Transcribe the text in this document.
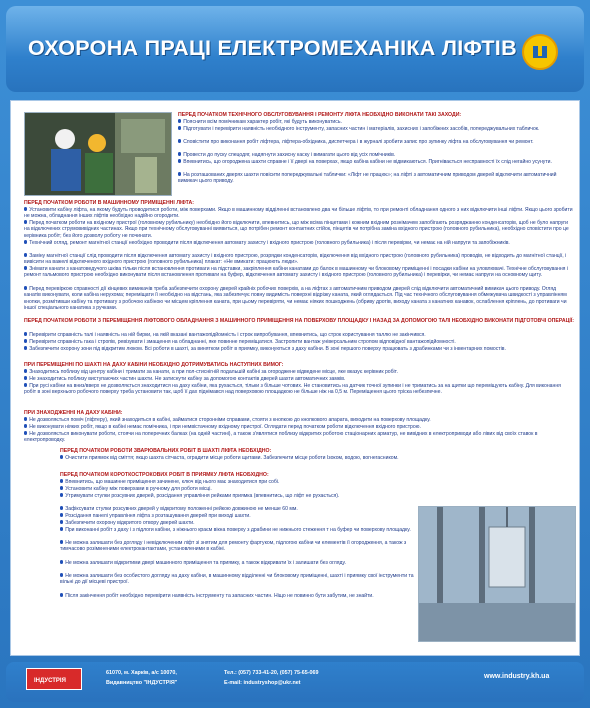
ОХОРОНА ПРАЦІ ЕЛЕКТРОМЕХАНІКА ЛІФТІВ
ПЕРЕД ПОЧАТКОМ ТЕХНІЧНОГО ОБСЛУГОВУВАННЯ І РЕМОНТУ ЛІФТА НЕОБХІДНО ВИКОНАТИ ТАКІ ЗАХОДИ:
Пояснити всім помічникам характер робіт, які будуть виконуватись.
Підготувати і перевірити наявність необхідного інструменту, запасних частин і матеріалів, захисних і запобіжних засобів, попереджувальних табличок.
Сповістити про виконання робіт ліфтера, ліфтера-обхідника, диспетчера і в журналі зробити запис про зупинку ліфта на обслуговування чи ремонт.
Провести до пуску спецодяг, надягнути захисну каску і вимагати цього від усіх помічників.
Впевнитись, що огороджена шахти справне і її двері на поверхах, якщо кабіна кабіни не відмикаються. Пригнівається несправності їх слід негайно усунути.
На розташованих дверях шахти повісити попереджувальні таблички: «Ліфт не працює»; на ліфті з автоматичним приводом дверей відключити автоматичний вимикач цього приводу.
ПЕРЕД ПОЧАТКОМ РОБОТИ В МАШИННОМУ ПРИМІЩЕННІ ЛІФТА:
Установити кабіну ліфта, на якому будуть проводитися роботи, між поверхами. Якщо в машинному відділенні встановлено два чи більше ліфтів, то при ремонті обладнання одного з них відключити інші ліфти. Якщо цього зробити не можна, обладнання інших ліфтів необхідно надійно огородити.
Перед початком роботи на вхідному пристрої (головному рубильнику) необхідно його відключити, впевнитись, що між всіма пінцетами і кожним вхідним рознімачем запобігають розряджанню конденсаторів, щоб не було напруги на відключених струмовивідних частинах. Якщо при технічному обслуговуванні виявиться, що потрібен ремонт контактних стійок, пінцетів чи потрібна заміна вхідного пристрою (головного рубильника), необхідно сповістити про це керівника робіт; без його дозволу роботу не починати.
Технічний огляд, ремонт магнітної станції необхідно проводити після відключення автомату захисту і вхідного пристрою (головного рубильника) і після перевірки, чи немає на ній напруги та запобіжників.
Заміну магнітної станції слід проводити після відключення автомату захисту і вхідного пристрою, розрядки конденсаторів, відключення від вхідного пристрою (головного рубильника) проводів, не відходить до магнітної станції, і вивісити на важелі відключеного вхідного пристрою (головного рубильника) плакат: «Не вмикати: працюють люди».
Знімати канати з канатоведучого шківа тільки після встановлення противаги на підставки, закріплення кабіни канатами до балок в машинному чи блоковому приміщенні і посадки кабіни на уловлювачі. Технічне обслуговування і ремонт гальмового пристрою необхідно виконувати після встановлення противаги на буфер, відключення автомату захисту і вхідного пристрою (головного рубильника) і перевірки, чи немає напруги на основному щиту.
Перед перевіркою справності дії кінцевих вимикачів треба забезпечити охорону дверей крайніх робочих поверхів, а на ліфтах з автоматичним приводом дверей слід відключити автоматичний вимикач цього приводу. Огляд канатів виконувати, коли кабіна нерухома; переміщати її необхідно на відстань, яка забезпечує повну видимість поверхні відрізку каната, який оглядається. Під час технічного обслуговування обмежувача швидкості з управлінням кнопки, розмітивши кабіну та противагу з робочою кабіною чи місцем кріплення каната, при цьому перевіряти, чи немає ніяких пошкоджень (обриву дротів, виходу каната з канатних канавок, ослаблення кріплень, до противаги чи іншої спеціального канатика з ручками.
ПЕРЕД ПОЧАТКОМ РОБОТИ З ПЕРЕМІЩЕННЯ ЛІФТОВОГО ОБЛАДНАННЯ З МАШИННОГО ПРИМІЩЕННЯ НА ПОВЕРХОВУ ПЛОЩАДКУ І НАЗАД ЗА ДОПОМОГОЮ ТАЛІ НЕОБХІДНО ВИКОНАТИ ПІДГОТОВЧІ ОПЕРАЦІЇ:
Перевірити справність талі і наявність на ній бирки, на якій вказані вантажопідйомність і строк випробування, впевнитись, що строк користування таллю не закінчився.
Перевірити справність гака і стропів, ревізувати і змащення на обладнанні, яке повинне переміщатися. Застропити вантаж універсальним стропом відповідної вантажопідйомності.
Забезпечити охорону зони під відкритим люком. Всі роботи в шахті, за винятком робіт в приямку, виконуються з даху кабіни. В зоні першого поверху працювать з драбинками чи з інвентарних помостів.
ПРИ ПЕРЕМІЩЕННІ ПО ШАХТІ НА ДАХУ КАБІНИ НЕОБХІДНО ДОТРИМУВАТИСЬ НАСТУПНИХ ВИМОГ:
Знаходитись поблизу від центру кабіни і тримати за канати, а при пол-стиснігній подальшій кабіні за огороджене відведене місце, яке вказує керівник робіт.
Не знаходитись поблизу виступаючих частин шахти. Не затиснути кабіну за допомогою контактів дверей шахти автоматичних замків.
При русі кабіни на вниз/вверх не дозволяється знаходитися на даху кабіни, яка рухається, тільки з більше чотових. Не становитись на датчик точної зупинки і не триматись за на щитки що переміщують кабіну. Для виконання робіт в зоні верхнього робочого поверху треба установити так, щоб її дах піднімався над поверховою площадкою не більше ніж на 0,5 м. Переміщення цього тріска небезпечне.
ПРИ ЗНАХОДЖЕННІ НА ДАХУ КАБІНИ:
Не дозволяється поміч (ліфтеру), який знаходиться в кабіні, займатися сторонніми справами, стояти з кнопкою до кнопкового апарата, виходити на поверхову площадку.
Не виконувати ніяких робіт, якщо в кабіні немає помічника, і при немвістачному вхідному пристрої. Оглядати перед початком роботи відключення вхідного пристрою.
Не дозволяється виконувати роботи, стоячи на поперечних балках (на одній частині), а також з'являтися поблизу відкритих роботою стаціонарних арматур, не вивідних в електроприводи або лівих від своїх ставок в електропроводку.
ПЕРЕД ПОЧАТКОМ РОБОТИ ЗВАРЮВАЛЬНИХ РОБІТ В ШАХТІ ЛІФТА НЕОБХІДНО:
Очистити приямок від сміття; якщо шахта сітчаста, оградити місце роботи щитами. Забезпечити місце роботи Ізоком, водою, вогнегасником.
ПЕРЕД ПОЧАТКОМ КОРОТКОСТРОКОВИХ РОБІТ В ПРИЯМКУ ЛІФТА НЕОБХІДНО:
Впевнитись, що машинне приміщення зачинене, ключ від нього має знаходитися при собі.
Установити кабіну між поверхами в ручному для роботи місці.
Утримувати стулки розсувних дверей, розсідання управління рейками приямка (впевнитись, що ліфт не рухається).
Зафіксувати стулки розсувних дверей у відкритому положенні рейкою довжиною не менше 60 мм.
Розсідання панелі управління ліфта з розташування дверей при виході шахти.
Забезпечити охорону відкритого отвору дверей шахти.
При виконанні робіт з даху і з підлоги кабіни, з ніжнього краєм вікна поверху з драбини не нижнього стеження т на буфер чи поверхову площадку.
Не можна залишати без догляду і невідключеним ліфт зі знятим для ремонту фартуком, підлогою кабіни чи елементів її огородження, а також з тимчасово розімкненими електрокантактами, установленими в кабіні.
Не можна залишати відкритими двері машинного приміщення та приямку, а також відкривати їх і залишати без огляду.
Не можна залишати без особистого догляду на даху кабіни, в машинному відділенні чи блоковому приміщенні, шахті і приямку свої інструменти та вільні до дії місцеві пристрої.
Після закінчення робіт необхідно перевірити наявність інструменту та запасних частин. Ніщо не повинно бути забутим, не знайти.
ІНДУСТРІЯ
61070, м. Харків, а/с 10070,
Видавництво "ІНДУСТРІЯ"
Тел.: (057) 733-41-20, (057) 75-65-069
E-mail: industryshop@ukr.net
www.industry.kh.ua
